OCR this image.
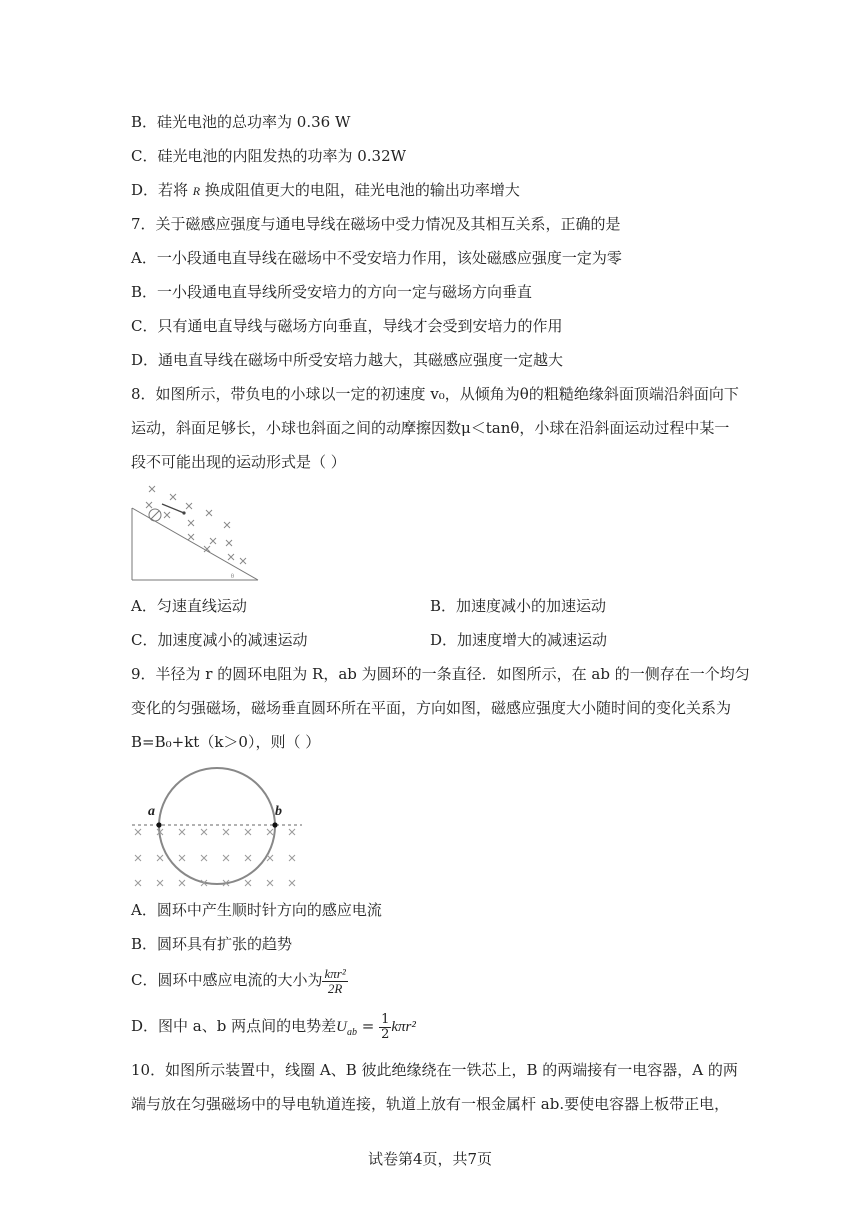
B．硅光电池的总功率为 0.36 W
C．硅光电池的内阻发热的功率为 0.32W
D．若将 R 换成阻值更大的电阻，硅光电池的输出功率增大
7．关于磁感应强度与通电导线在磁场中受力情况及其相互关系，正确的是
A．一小段通电直导线在磁场中不受安培力作用，该处磁感应强度一定为零
B．一小段通电直导线所受安培力的方向一定与磁场方向垂直
C．只有通电直导线与磁场方向垂直，导线才会受到安培力的作用
D．通电直导线在磁场中所受安培力越大，其磁感应强度一定越大
8．如图所示，带负电的小球以一定的初速度 v₀，从倾角为θ的粗糙绝缘斜面顶端沿斜面向下
运动，斜面足够长，小球也斜面之间的动摩擦因数μ＜tanθ，小球在沿斜面运动过程中某一
段不可能出现的运动形式是（ ）
θ
A．匀速直线运动	B．加速度减小的加速运动
C．加速度减小的减速运动	D．加速度增大的减速运动
9．半径为 r 的圆环电阻为 R，ab 为圆环的一条直径．如图所示，在 ab 的一侧存在一个均匀
变化的匀强磁场，磁场垂直圆环所在平面，方向如图，磁感应强度大小随时间的变化关系为
B=B₀+kt（k＞0），则（ ）
a	b
A．圆环中产生顺时针方向的感应电流
B．圆环具有扩张的趋势
C．圆环中感应电流的大小为 $\frac{\text{kπr²}}{2R}$
D．图中 a、b 两点间的电势差$U_{ab} = \frac{1}{2} k\pi r^2$
10．如图所示装置中，线圈 A、B 彼此绝缘绕在一铁芯上，B 的两端接有一电容器，A 的两
端与放在匀强磁场中的导电轨道连接，轨道上放有一根金属杆 ab.要使电容器上板带正电，
试卷第4页，共7页
